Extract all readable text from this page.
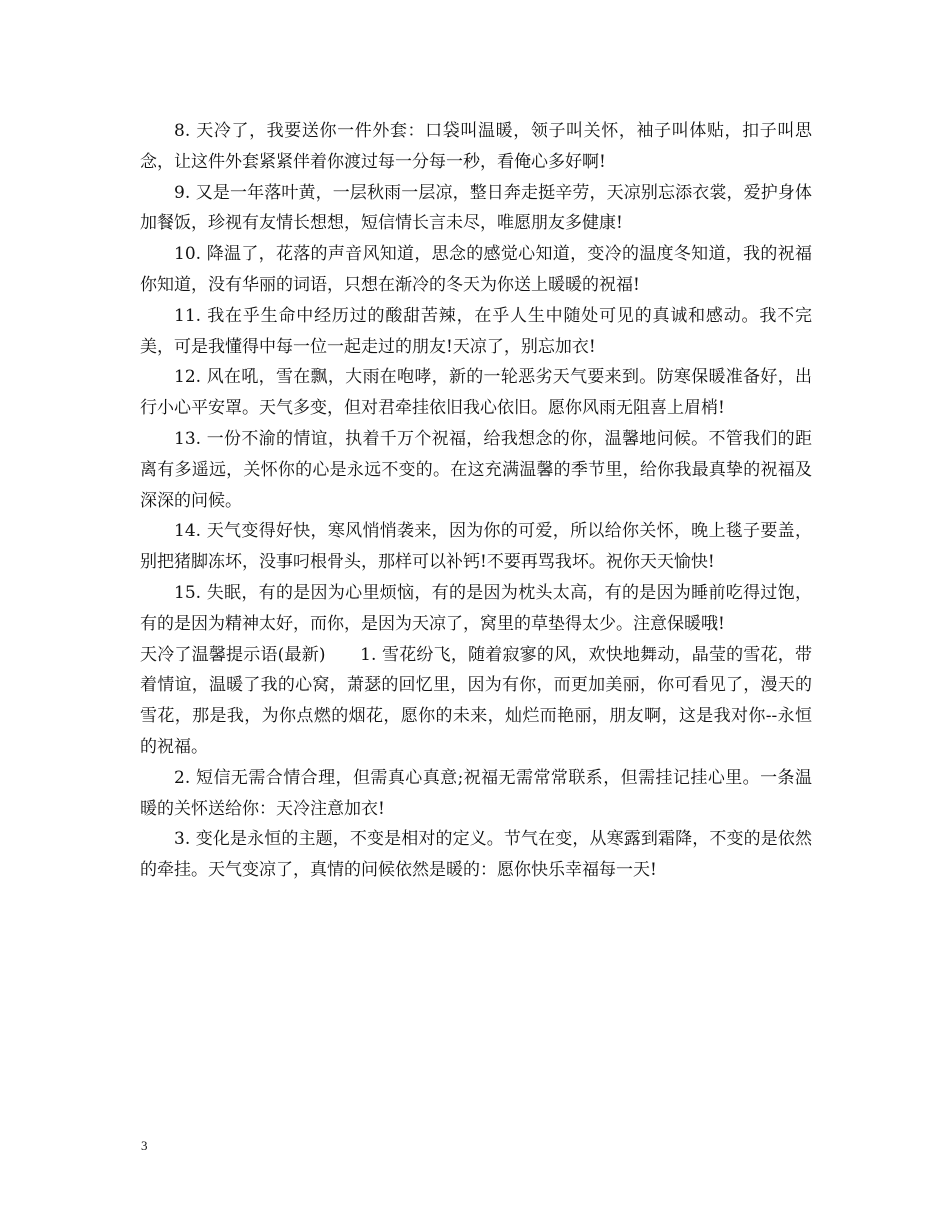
8. 天冷了，我要送你一件外套：口袋叫温暖，领子叫关怀，袖子叫体贴，扣子叫思念，让这件外套紧紧伴着你渡过每一分每一秒，看俺心多好啊!

9. 又是一年落叶黄，一层秋雨一层凉，整日奔走挺辛劳，天凉别忘添衣裳，爱护身体加餐饭，珍视有友情长想想，短信情长言未尽，唯愿朋友多健康!

10. 降温了，花落的声音风知道，思念的感觉心知道，变冷的温度冬知道，我的祝福你知道，没有华丽的词语，只想在渐冷的冬天为你送上暖暖的祝福!

11. 我在乎生命中经历过的酸甜苦辣，在乎人生中随处可见的真诚和感动。我不完美，可是我懂得中每一位一起走过的朋友!天凉了，别忘加衣!

12. 风在吼，雪在飘，大雨在咆哮，新的一轮恶劣天气要来到。防寒保暖准备好，出行小心平安罩。天气多变，但对君牵挂依旧我心依旧。愿你风雨无阻喜上眉梢!

13. 一份不渝的情谊，执着千万个祝福，给我想念的你，温馨地问候。不管我们的距离有多遥远，关怀你的心是永远不变的。在这充满温馨的季节里，给你我最真挚的祝福及深深的问候。

14. 天气变得好快，寒风悄悄袭来，因为你的可爱，所以给你关怀，晚上毯子要盖，别把猪脚冻坏，没事叼根骨头，那样可以补钙!不要再骂我坏。祝你天天愉快!

15. 失眠，有的是因为心里烦恼，有的是因为枕头太高，有的是因为睡前吃得过饱，有的是因为精神太好，而你，是因为天凉了，窝里的草垫得太少。注意保暖哦!

天冷了温馨提示语(最新)　　1. 雪花纷飞，随着寂寥的风，欢快地舞动，晶莹的雪花，带着情谊，温暖了我的心窝，萧瑟的回忆里，因为有你，而更加美丽，你可看见了，漫天的雪花，那是我，为你点燃的烟花，愿你的未来，灿烂而艳丽，朋友啊，这是我对你--永恒的祝福。

2. 短信无需合情合理，但需真心真意;祝福无需常常联系，但需挂记挂心里。一条温暖的关怀送给你：天冷注意加衣!

3. 变化是永恒的主题，不变是相对的定义。节气在变，从寒露到霜降，不变的是依然的牵挂。天气变凉了，真情的问候依然是暖的：愿你快乐幸福每一天!

3
